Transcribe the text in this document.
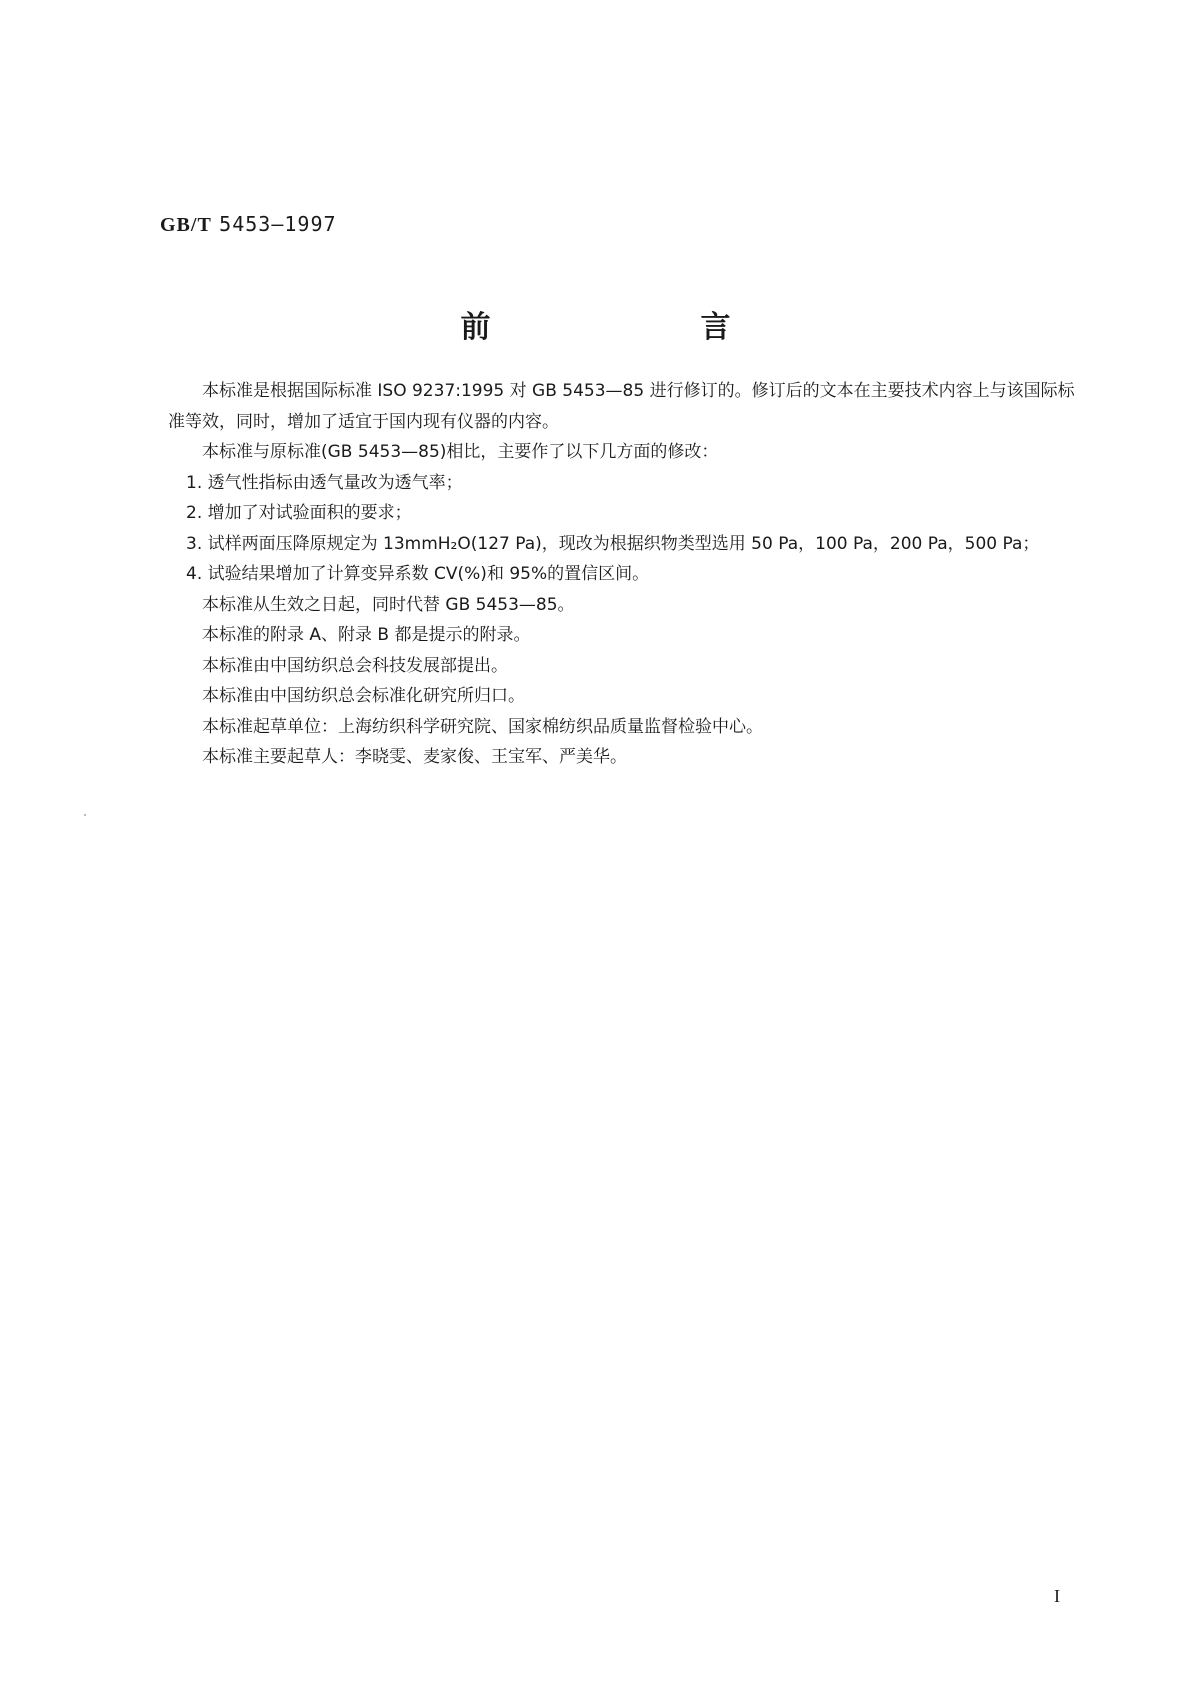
GB/T 5453—1997
前　言

本标准是根据国际标准 ISO 9237:1995 对 GB 5453—85 进行修订的。修订后的文本在主要技术内容上与该国际标准等效，同时，增加了适宜于国内现有仪器的内容。

本标准与原标准(GB 5453—85)相比，主要作了以下几方面的修改：

1. 透气性指标由透气量改为透气率；

2. 增加了对试验面积的要求；

3. 试样两面压降原规定为 13mmH₂O(127 Pa)，现改为根据织物类型选用 50 Pa，100 Pa，200 Pa，500 Pa；

4. 试验结果增加了计算变异系数 CV(%)和 95%的置信区间。

本标准从生效之日起，同时代替 GB 5453—85。

本标准的附录 A、附录 B 都是提示的附录。

本标准由中国纺织总会科技发展部提出。

本标准由中国纺织总会标准化研究所归口。

本标准起草单位：上海纺织科学研究院、国家棉纺织品质量监督检验中心。

本标准主要起草人：李晓雯、麦家俊、王宝军、严美华。

I
